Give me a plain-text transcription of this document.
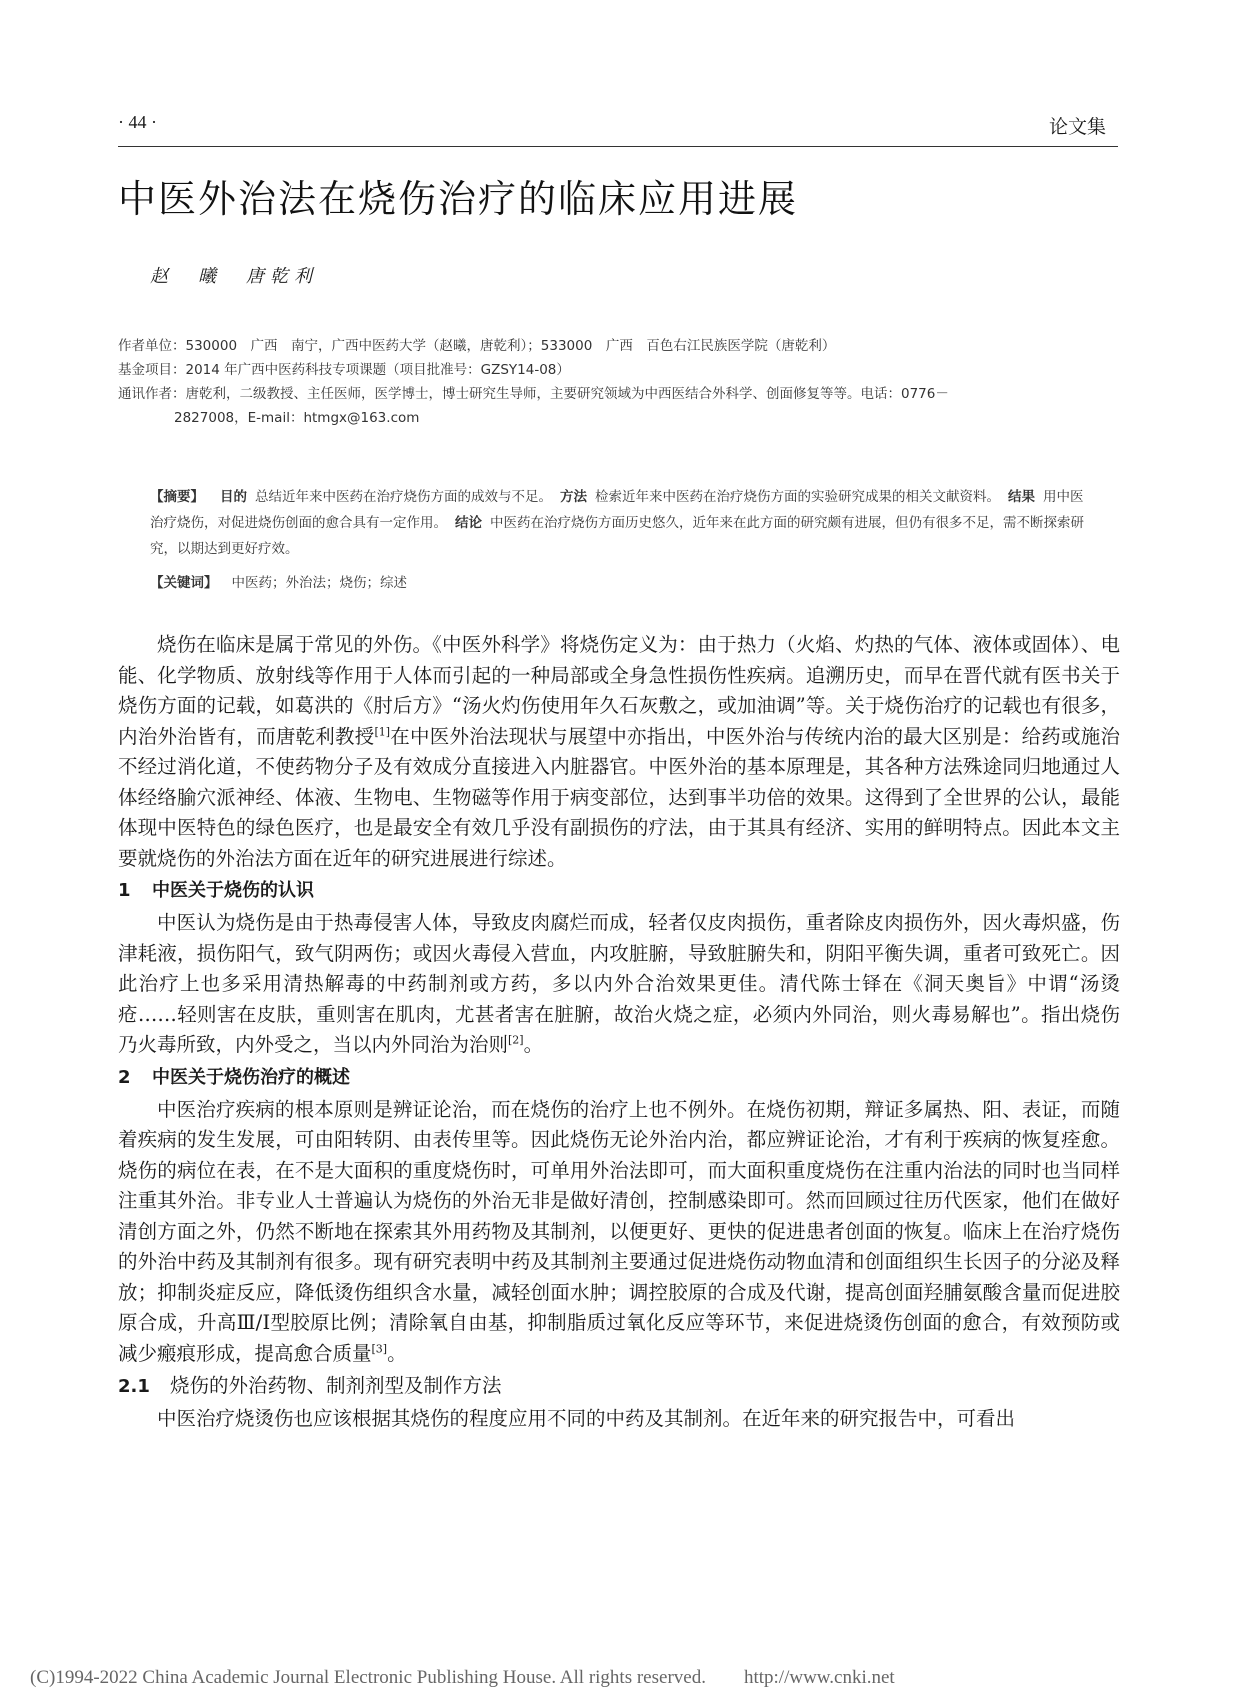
· 44 ·	论文集
中医外治法在烧伤治疗的临床应用进展
赵　曦　唐乾利
作者单位：530000　广西　南宁，广西中医药大学（赵曦，唐乾利）；533000　广西　百色右江民族医学院（唐乾利）
基金项目：2014 年广西中医药科技专项课题（项目批准号：GZSY14-08）
通讯作者：唐乾利，二级教授、主任医师，医学博士，博士研究生导师，主要研究领域为中西医结合外科学、创面修复等等。电话：0776－
2827008，E-mail：htmgx@163.com
【摘要】 目的 总结近年来中医药在治疗烧伤方面的成效与不足。 方法 检索近年来中医药在治疗烧伤方面的实验研究成果的相关文献资料。 结果 用中医治疗烧伤，对促进烧伤创面的愈合具有一定作用。 结论 中医药在治疗烧伤方面历史悠久，近年来在此方面的研究颇有进展，但仍有很多不足，需不断探索研究，以期达到更好疗效。
【关键词】 中医药；外治法；烧伤；综述

烧伤在临床是属于常见的外伤。《中医外科学》将烧伤定义为：由于热力（火焰、灼热的气体、液体或固体）、电能、化学物质、放射线等作用于人体而引起的一种局部或全身急性损伤性疾病。追溯历史，而早在晋代就有医书关于烧伤方面的记载，如葛洪的《肘后方》“汤火灼伤使用年久石灰敷之，或加油调”等。关于烧伤治疗的记载也有很多，内治外治皆有，而唐乾利教授[1]在中医外治法现状与展望中亦指出，中医外治与传统内治的最大区别是：给药或施治不经过消化道，不使药物分子及有效成分直接进入内脏器官。中医外治的基本原理是，其各种方法殊途同归地通过人体经络腧穴派神经、体液、生物电、生物磁等作用于病变部位，达到事半功倍的效果。这得到了全世界的公认，最能体现中医特色的绿色医疗，也是最安全有效几乎没有副损伤的疗法，由于其具有经济、实用的鲜明特点。因此本文主要就烧伤的外治法方面在近年的研究进展进行综述。

1 中医关于烧伤的认识

中医认为烧伤是由于热毒侵害人体，导致皮肉腐烂而成，轻者仅皮肉损伤，重者除皮肉损伤外，因火毒炽盛，伤津耗液，损伤阳气，致气阴两伤；或因火毒侵入营血，内攻脏腑，导致脏腑失和，阴阳平衡失调，重者可致死亡。因此治疗上也多采用清热解毒的中药制剂或方药，多以内外合治效果更佳。清代陈士铎在《洞天奥旨》中谓“汤烫疮……轻则害在皮肤，重则害在肌肉，尤甚者害在脏腑，故治火烧之症，必须内外同治，则火毒易解也”。指出烧伤乃火毒所致，内外受之，当以内外同治为治则[2]。

2 中医关于烧伤治疗的概述

中医治疗疾病的根本原则是辨证论治，而在烧伤的治疗上也不例外。在烧伤初期，辩证多属热、阳、表证，而随着疾病的发生发展，可由阳转阴、由表传里等。因此烧伤无论外治内治，都应辨证论治，才有利于疾病的恢复痊愈。烧伤的病位在表，在不是大面积的重度烧伤时，可单用外治法即可，而大面积重度烧伤在注重内治法的同时也当同样注重其外治。非专业人士普遍认为烧伤的外治无非是做好清创，控制感染即可。然而回顾过往历代医家，他们在做好清创方面之外，仍然不断地在探索其外用药物及其制剂，以便更好、更快的促进患者创面的恢复。临床上在治疗烧伤的外治中药及其制剂有很多。现有研究表明中药及其制剂主要通过促进烧伤动物血清和创面组织生长因子的分泌及释放；抑制炎症反应，降低烫伤组织含水量，减轻创面水肿；调控胶原的合成及代谢，提高创面羟脯氨酸含量而促进胶原合成，升高Ⅲ/Ⅰ型胶原比例；清除氧自由基，抑制脂质过氧化反应等环节，来促进烧烫伤创面的愈合，有效预防或减少瘢痕形成，提高愈合质量[3]。

2.1 烧伤的外治药物、制剂剂型及制作方法

中医治疗烧烫伤也应该根据其烧伤的程度应用不同的中药及其制剂。在近年来的研究报告中，可看出

(C)1994-2022 China Academic Journal Electronic Publishing House. All rights reserved.　　http://www.cnki.net
